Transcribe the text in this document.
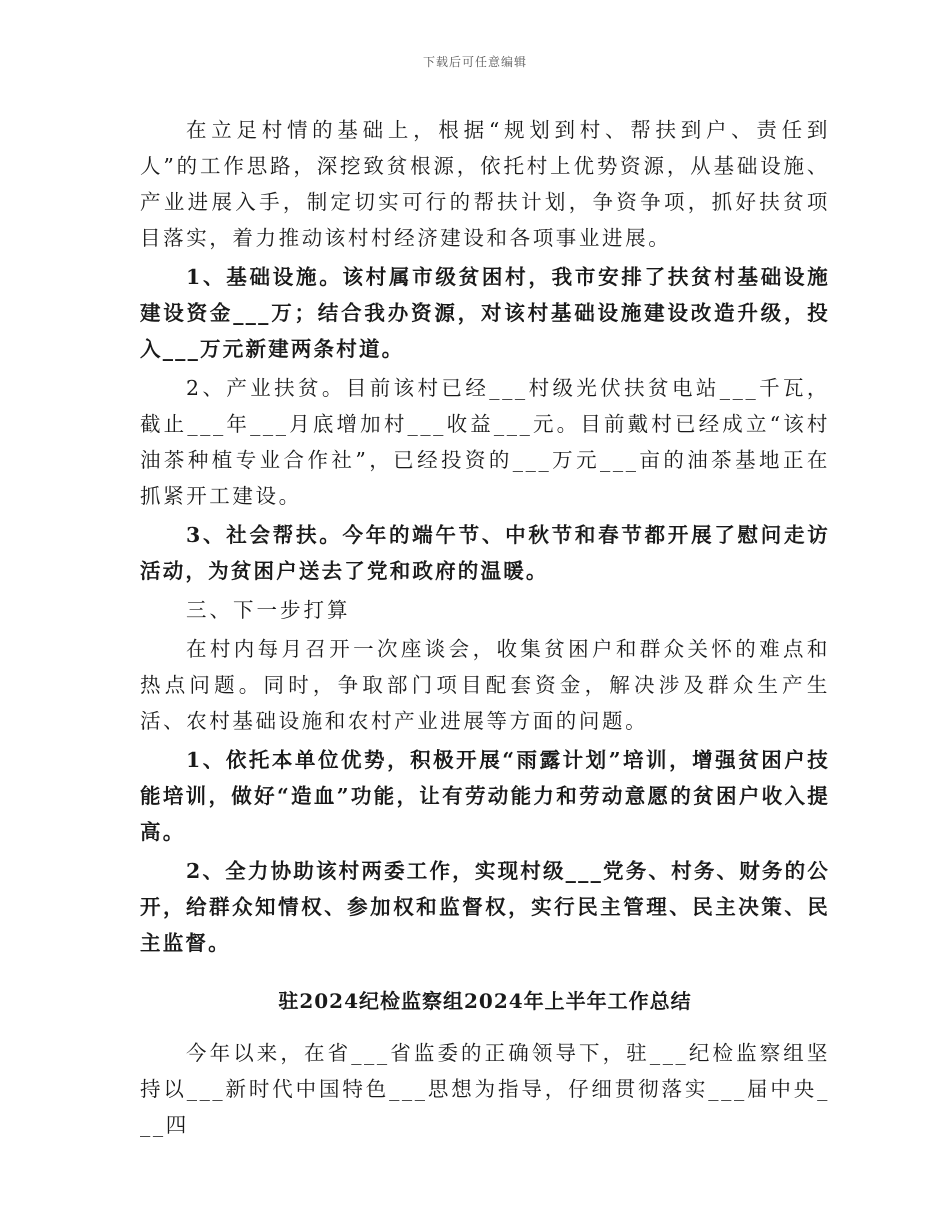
下载后可任意编辑

在立足村情的基础上，根据“规划到村、帮扶到户、责任到人”的工作思路，深挖致贫根源，依托村上优势资源，从基础设施、产业进展入手，制定切实可行的帮扶计划，争资争项，抓好扶贫项目落实，着力推动该村村经济建设和各项事业进展。

1、基础设施。该村属市级贫困村，我市安排了扶贫村基础设施建设资金___万；结合我办资源，对该村基础设施建设改造升级，投入___万元新建两条村道。

2、产业扶贫。目前该村已经___村级光伏扶贫电站___千瓦，截止___年___月底增加村___收益___元。目前戴村已经成立“该村油茶种植专业合作社”，已经投资的___万元___亩的油茶基地正在抓紧开工建设。

3、社会帮扶。今年的端午节、中秋节和春节都开展了慰问走访活动，为贫困户送去了党和政府的温暖。

三、下一步打算

在村内每月召开一次座谈会，收集贫困户和群众关怀的难点和热点问题。同时，争取部门项目配套资金，解决涉及群众生产生活、农村基础设施和农村产业进展等方面的问题。

1、依托本单位优势，积极开展“雨露计划”培训，增强贫困户技能培训，做好“造血”功能，让有劳动能力和劳动意愿的贫困户收入提高。

2、全力协助该村两委工作，实现村级___党务、村务、财务的公开，给群众知情权、参加权和监督权，实行民主管理、民主决策、民主监督。

驻2024纪检监察组2024年上半年工作总结

今年以来，在省___省监委的正确领导下，驻___纪检监察组坚持以___新时代中国特色___思想为指导，仔细贯彻落实___届中央___四
